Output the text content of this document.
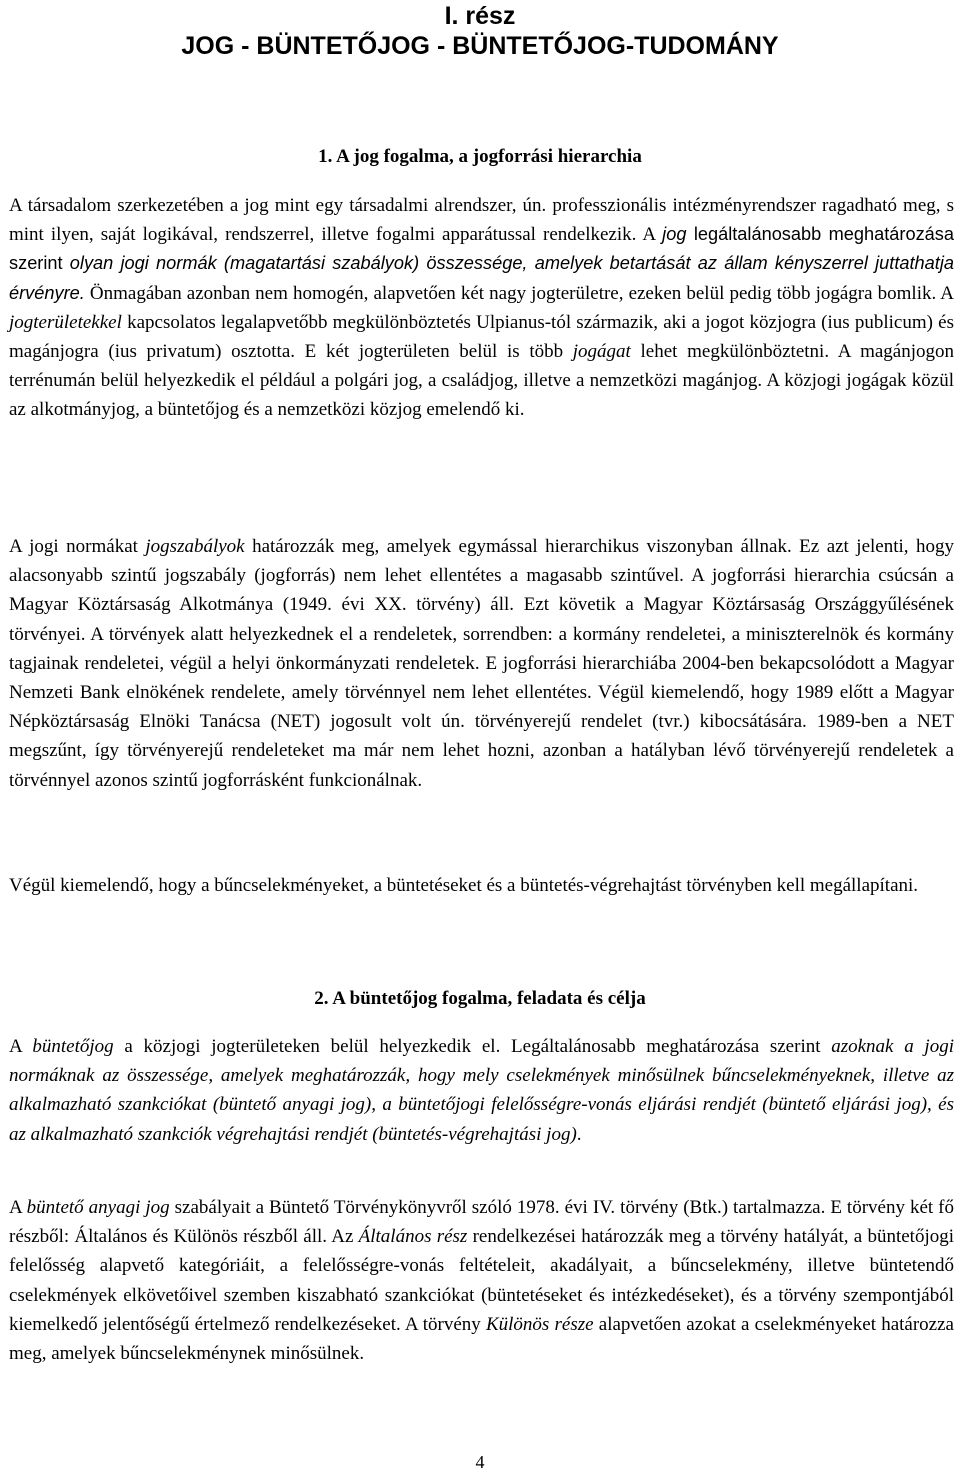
I. rész
JOG - BÜNTETŐJOG - BÜNTETŐJOG-TUDOMÁNY
1. A jog fogalma, a jogforrási hierarchia

A társadalom szerkezetében a jog mint egy társadalmi alrendszer, ún. professzionális intézményrendszer ragadható meg, s mint ilyen, saját logikával, rendszerrel, illetve fogalmi apparátussal rendelkezik. A jog legáltalánosabb meghatározása szerint olyan jogi normák (magatartási szabályok) összessége, amelyek betartását az állam kényszerrel juttathatja érvényre. Önmagában azonban nem homogén, alapvetően két nagy jogterületre, ezeken belül pedig több jogágra bomlik. A jogterületekkel kapcsolatos legalapvetőbb megkülönböztetés Ulpianus-tól származik, aki a jogot közjogra (ius publicum) és magánjogra (ius privatum) osztotta. E két jogterületen belül is több jogágat lehet megkülönböztetni. A magánjogon terrénumán belül helyezkedik el például a polgári jog, a családjog, illetve a nemzetközi magánjog. A közjogi jogágak közül az alkotmányjog, a büntetőjog és a nemzetközi közjog emelendő ki.

A jogi normákat jogszabályok határozzák meg, amelyek egymással hierarchikus viszonyban állnak. Ez azt jelenti, hogy alacsonyabb szintű jogszabály (jogforrás) nem lehet ellentétes a magasabb szintűvel. A jogforrási hierarchia csúcsán a Magyar Köztársaság Alkotmánya (1949. évi XX. törvény) áll. Ezt követik a Magyar Köztársaság Országgyűlésének törvényei. A törvények alatt helyezkednek el a rendeletek, sorrendben: a kormány rendeletei, a miniszterelnök és kormány tagjainak rendeletei, végül a helyi önkormányzati rendeletek. E jogforrási hierarchiába 2004-ben bekapcsolódott a Magyar Nemzeti Bank elnökének rendelete, amely törvénnyel nem lehet ellentétes. Végül kiemelendő, hogy 1989 előtt a Magyar Népköztársaság Elnöki Tanácsa (NET) jogosult volt ún. törvényerejű rendelet (tvr.) kibocsátására. 1989-ben a NET megszűnt, így törvényerejű rendeleteket ma már nem lehet hozni, azonban a hatályban lévő törvényerejű rendeletek a törvénnyel azonos szintű jogforrásként funkcionálnak.

Végül kiemelendő, hogy a bűncselekményeket, a büntetéseket és a büntetés-végrehajtást törvényben kell megállapítani.

2. A büntetőjog fogalma, feladata és célja

A büntetőjog a közjogi jogterületeken belül helyezkedik el. Legáltalánosabb meghatározása szerint azoknak a jogi normáknak az összessége, amelyek meghatározzák, hogy mely cselekmények minősülnek bűncselekményeknek, illetve az alkalmazható szankciókat (büntető anyagi jog), a büntetőjogi felelősségre-vonás eljárási rendjét (büntető eljárási jog), és az alkalmazható szankciók végrehajtási rendjét (büntetés-végrehajtási jog).

A büntető anyagi jog szabályait a Büntető Törvénykönyvről szóló 1978. évi IV. törvény (Btk.) tartalmazza. E törvény két fő részből: Általános és Különös részből áll. Az Általános rész rendelkezései határozzák meg a törvény hatályát, a büntetőjogi felelősség alapvető kategóriáit, a felelősségre-vonás feltételeit, akadályait, a bűncselekmény, illetve büntetendő cselekmények elkövetőivel szemben kiszabható szankciókat (büntetéseket és intézkedéseket), és a törvény szempontjából kiemelkedő jelentőségű értelmező rendelkezéseket. A törvény Különös része alapvetően azokat a cselekményeket határozza meg, amelyek bűncselekménynek minősülnek.

4
